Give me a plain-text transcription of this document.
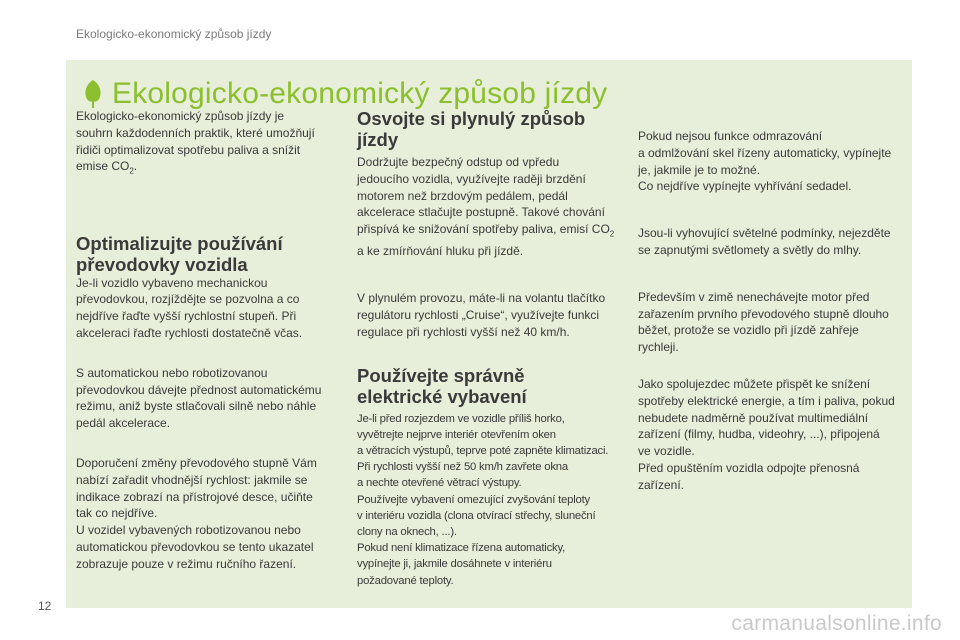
Ekologicko-ekonomický způsob jízdy
Ekologicko-ekonomický způsob jízdy

Ekologicko-ekonomický způsob jízdy je
souhrn každodenních praktik, které umožňují
řidiči optimalizovat spotřebu paliva a snížit
emise $CO_2$.

Optimalizujte používání
převodovky vozidla

Je-li vozidlo vybaveno mechanickou
převodovkou, rozjíždějte se pozvolna a co
nejdříve řaďte vyšší rychlostní stupeň. Při
akceleraci řaďte rychlosti dostatečně včas.

S automatickou nebo robotizovanou
převodovkou dávejte přednost automatickému
režimu, aniž byste stlačovali silně nebo náhle
pedál akcelerace.

Doporučení změny převodového stupně Vám
nabízí zařadit vhodnější rychlost: jakmile se
indikace zobrazí na přístrojové desce, učiňte
tak co nejdříve.
U vozidel vybavených robotizovanou nebo
automatickou převodovkou se tento ukazatel
zobrazuje pouze v režimu ručního řazení.

Osvojte si plynulý způsob
jízdy

Dodržujte bezpečný odstup od vpředu
jedoucího vozidla, využívejte raději brzdění
motorem než brzdovým pedálem, pedál
akcelerace stlačujte postupně. Takové chování
přispívá ke snižování spotřeby paliva, emisí $CO_2$
a ke zmírňování hluku při jízdě.

V plynulém provozu, máte-li na volantu tlačítko
regulátoru rychlosti „Cruise“, využívejte funkci
regulace při rychlosti vyšší než 40 km/h.

Používejte správně
elektrické vybavení

Je-li před rozjezdem ve vozidle příliš horko,
vyvětrejte nejprve interiér otevřením oken
a větracích výstupů, teprve poté zapněte klimatizaci.
Při rychlosti vyšší než 50 km/h zavřete okna
a nechte otevřené větrací výstupy.
Používejte vybavení omezující zvyšování teploty
v interiéru vozidla (clona otvírací střechy, sluneční
clony na oknech, ...).
Pokud není klimatizace řízena automaticky,
vypínejte ji, jakmile dosáhnete v interiéru
požadované teploty.

Pokud nejsou funkce odmrazování
a odmlžování skel řízeny automaticky, vypínejte
je, jakmile je to možné.
Co nejdříve vypínejte vyhřívání sedadel.

Jsou-li vyhovující světelné podmínky, nejezděte
se zapnutými světlomety a světly do mlhy.

Především v zimě nenechávejte motor před
zařazením prvního převodového stupně dlouho
běžet, protože se vozidlo při jízdě zahřeje
rychleji.

Jako spolujezdec můžete přispět ke snížení
spotřeby elektrické energie, a tím i paliva, pokud
nebudete nadměrně používat multimediální
zařízení (filmy, hudba, videohry, ...), připojená
ve vozidle.
Před opuštěním vozidla odpojte přenosná
zařízení.

12
carmanualsonline.info
